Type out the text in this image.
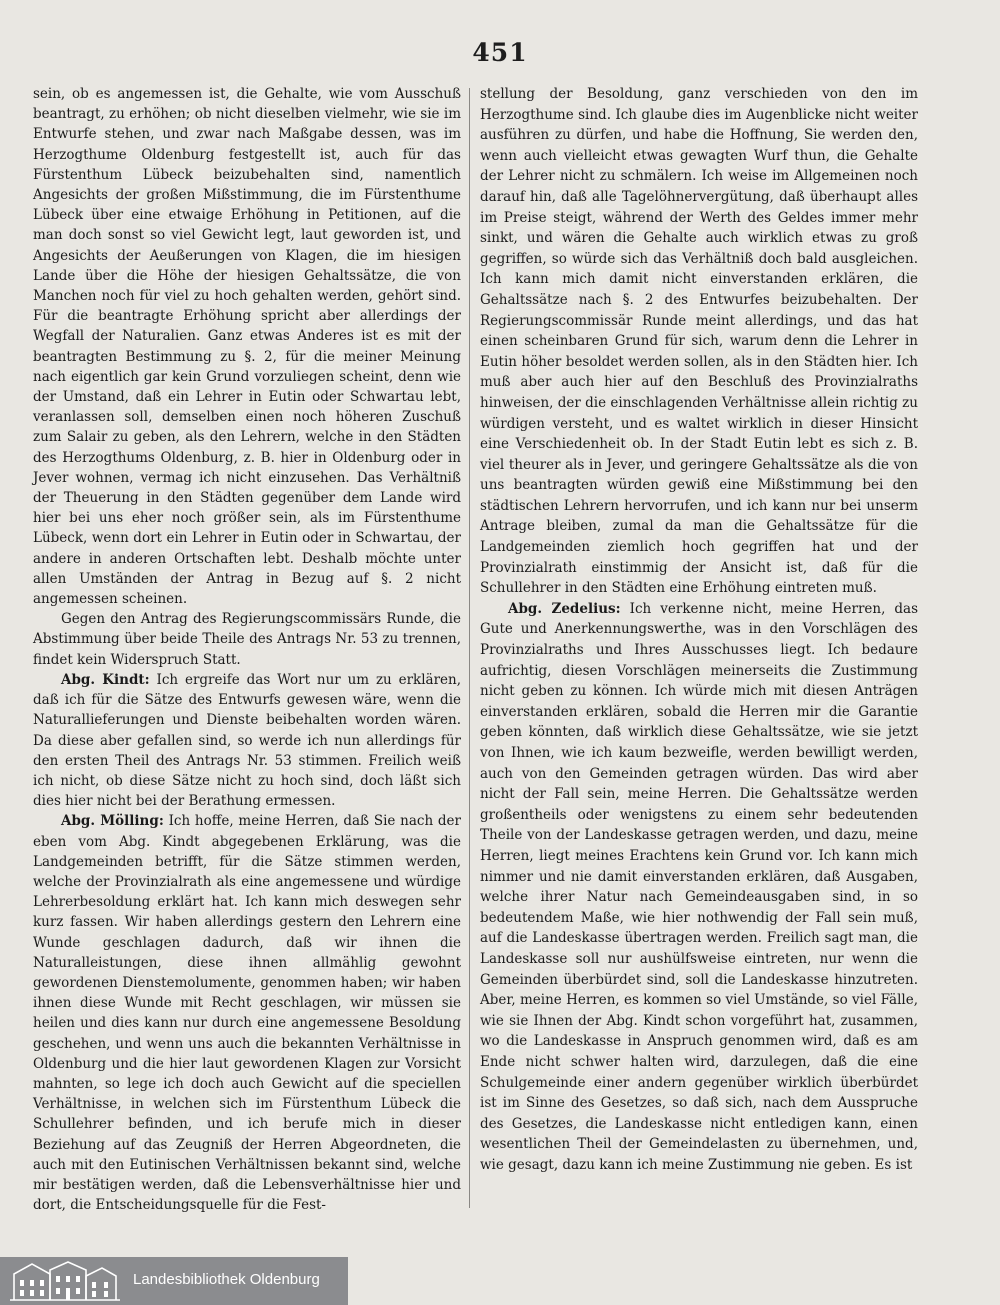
451

sein, ob es angemessen ist, die Gehalte, wie vom Ausschuß beantragt, zu erhöhen; ob nicht dieselben vielmehr, wie sie im Entwurfe stehen, und zwar nach Maßgabe dessen, was im Herzogthume Oldenburg festgestellt ist, auch für das Fürstenthum Lübeck beizubehalten sind, namentlich Angesichts der großen Mißstimmung, die im Fürstenthume Lübeck über eine etwaige Erhöhung in Petitionen, auf die man doch sonst so viel Gewicht legt, laut geworden ist, und Angesichts der Aeußerungen von Klagen, die im hiesigen Lande über die Höhe der hiesigen Gehaltssätze, die von Manchen noch für viel zu hoch gehalten werden, gehört sind. Für die beantragte Erhöhung spricht aber allerdings der Wegfall der Naturalien. Ganz etwas Anderes ist es mit der beantragten Bestimmung zu §. 2, für die meiner Meinung nach eigentlich gar kein Grund vorzuliegen scheint, denn wie der Umstand, daß ein Lehrer in Eutin oder Schwartau lebt, veranlassen soll, demselben einen noch höheren Zuschuß zum Salair zu geben, als den Lehrern, welche in den Städten des Herzogthums Oldenburg, z. B. hier in Oldenburg oder in Jever wohnen, vermag ich nicht einzusehen. Das Verhältniß der Theuerung in den Städten gegenüber dem Lande wird hier bei uns eher noch größer sein, als im Fürstenthume Lübeck, wenn dort ein Lehrer in Eutin oder in Schwartau, der andere in anderen Ortschaften lebt. Deshalb möchte unter allen Umständen der Antrag in Bezug auf §. 2 nicht angemessen scheinen.

Gegen den Antrag des Regierungscommissärs Runde, die Abstimmung über beide Theile des Antrags Nr. 53 zu trennen, findet kein Widerspruch Statt.

Abg. Kindt: Ich ergreife das Wort nur um zu erklären, daß ich für die Sätze des Entwurfs gewesen wäre, wenn die Naturallieferungen und Dienste beibehalten worden wären. Da diese aber gefallen sind, so werde ich nun allerdings für den ersten Theil des Antrags Nr. 53 stimmen. Freilich weiß ich nicht, ob diese Sätze nicht zu hoch sind, doch läßt sich dies hier nicht bei der Berathung ermessen.

Abg. Mölling: Ich hoffe, meine Herren, daß Sie nach der eben vom Abg. Kindt abgegebenen Erklärung, was die Landgemeinden betrifft, für die Sätze stimmen werden, welche der Provinzialrath als eine angemessene und würdige Lehrerbesoldung erklärt hat. Ich kann mich deswegen sehr kurz fassen. Wir haben allerdings gestern den Lehrern eine Wunde geschlagen dadurch, daß wir ihnen die Naturalleistungen, diese ihnen allmählig gewohnt gewordenen Dienstemolumente, genommen haben; wir haben ihnen diese Wunde mit Recht geschlagen, wir müssen sie heilen und dies kann nur durch eine angemessene Besoldung geschehen, und wenn uns auch die bekannten Verhältnisse in Oldenburg und die hier laut gewordenen Klagen zur Vorsicht mahnten, so lege ich doch auch Gewicht auf die speciellen Verhältnisse, in welchen sich im Fürstenthum Lübeck die Schullehrer befinden, und ich berufe mich in dieser Beziehung auf das Zeugniß der Herren Abgeordneten, die auch mit den Eutinischen Verhältnissen bekannt sind, welche mir bestätigen werden, daß die Lebensverhältnisse hier und dort, die Entscheidungsquelle für die Fest-

stellung der Besoldung, ganz verschieden von den im Herzogthume sind. Ich glaube dies im Augenblicke nicht weiter ausführen zu dürfen, und habe die Hoffnung, Sie werden den, wenn auch vielleicht etwas gewagten Wurf thun, die Gehalte der Lehrer nicht zu schmälern. Ich weise im Allgemeinen noch darauf hin, daß alle Tagelöhnervergütung, daß überhaupt alles im Preise steigt, während der Werth des Geldes immer mehr sinkt, und wären die Gehalte auch wirklich etwas zu groß gegriffen, so würde sich das Verhältniß doch bald ausgleichen. Ich kann mich damit nicht einverstanden erklären, die Gehaltssätze nach §. 2 des Entwurfes beizubehalten. Der Regierungscommissär Runde meint allerdings, und das hat einen scheinbaren Grund für sich, warum denn die Lehrer in Eutin höher besoldet werden sollen, als in den Städten hier. Ich muß aber auch hier auf den Beschluß des Provinzialraths hinweisen, der die einschlagenden Verhältnisse allein richtig zu würdigen versteht, und es waltet wirklich in dieser Hinsicht eine Verschiedenheit ob. In der Stadt Eutin lebt es sich z. B. viel theurer als in Jever, und geringere Gehaltssätze als die von uns beantragten würden gewiß eine Mißstimmung bei den städtischen Lehrern hervorrufen, und ich kann nur bei unserm Antrage bleiben, zumal da man die Gehaltssätze für die Landgemeinden ziemlich hoch gegriffen hat und der Provinzialrath einstimmig der Ansicht ist, daß für die Schullehrer in den Städten eine Erhöhung eintreten muß.

Abg. Zedelius: Ich verkenne nicht, meine Herren, das Gute und Anerkennungswerthe, was in den Vorschlägen des Provinzialraths und Ihres Ausschusses liegt. Ich bedaure aufrichtig, diesen Vorschlägen meinerseits die Zustimmung nicht geben zu können. Ich würde mich mit diesen Anträgen einverstanden erklären, sobald die Herren mir die Garantie geben könnten, daß wirklich diese Gehaltssätze, wie sie jetzt von Ihnen, wie ich kaum bezweifle, werden bewilligt werden, auch von den Gemeinden getragen würden. Das wird aber nicht der Fall sein, meine Herren. Die Gehaltssätze werden großentheils oder wenigstens zu einem sehr bedeutenden Theile von der Landeskasse getragen werden, und dazu, meine Herren, liegt meines Erachtens kein Grund vor. Ich kann mich nimmer und nie damit einverstanden erklären, daß Ausgaben, welche ihrer Natur nach Gemeindeausgaben sind, in so bedeutendem Maße, wie hier nothwendig der Fall sein muß, auf die Landeskasse übertragen werden. Freilich sagt man, die Landeskasse soll nur aushülfsweise eintreten, nur wenn die Gemeinden überbürdet sind, soll die Landeskasse hinzutreten. Aber, meine Herren, es kommen so viel Umstände, so viel Fälle, wie sie Ihnen der Abg. Kindt schon vorgeführt hat, zusammen, wo die Landeskasse in Anspruch genommen wird, daß es am Ende nicht schwer halten wird, darzulegen, daß die eine Schulgemeinde einer andern gegenüber wirklich überbürdet ist im Sinne des Gesetzes, so daß sich, nach dem Ausspruche des Gesetzes, die Landeskasse nicht entledigen kann, einen wesentlichen Theil der Gemeindelasten zu übernehmen, und, wie gesagt, dazu kann ich meine Zustimmung nie geben. Es ist

Landesbibliothek Oldenburg
